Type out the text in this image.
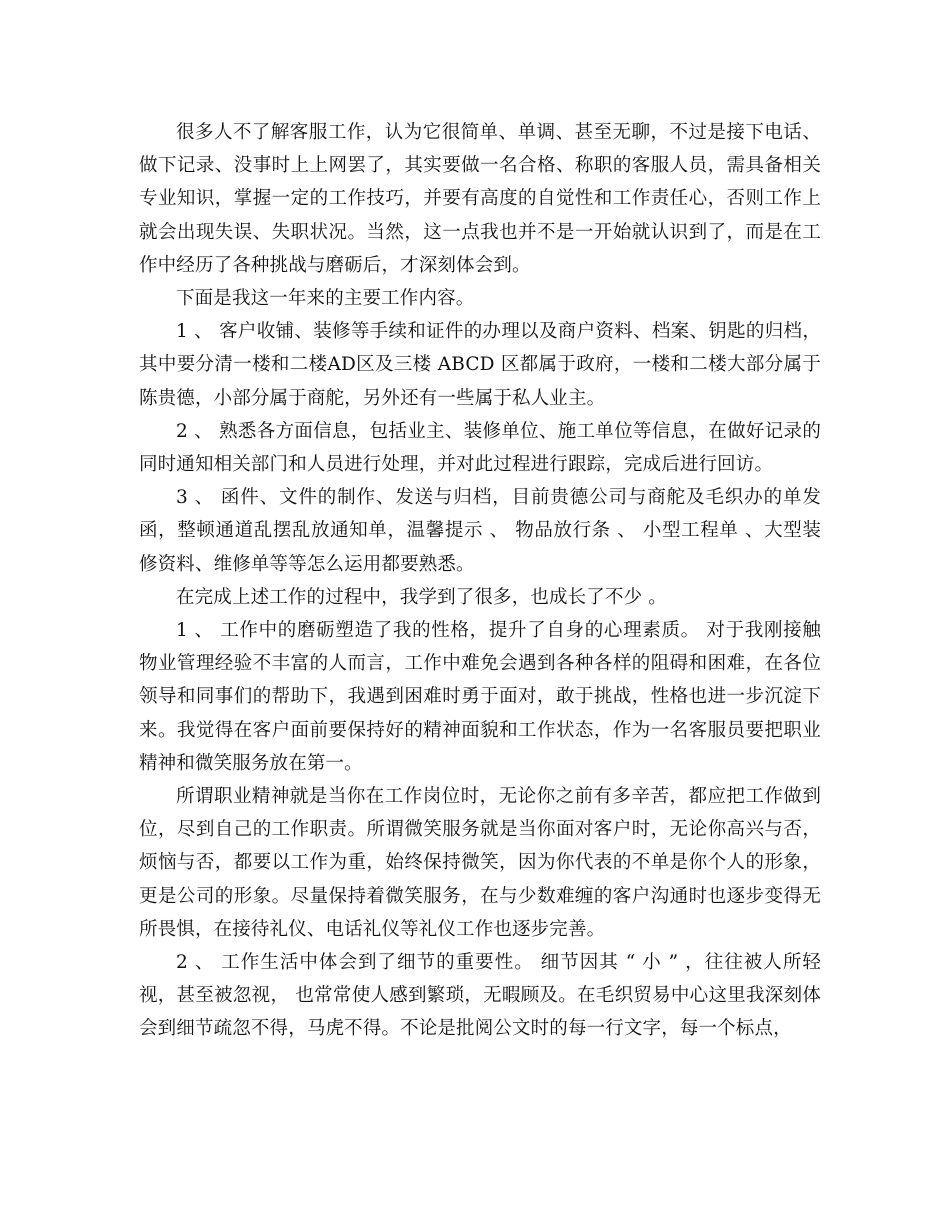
很多人不了解客服工作，认为它很简单、单调、甚至无聊，不过是接下电话、做下记录、没事时上上网罢了，其实要做一名合格、称职的客服人员，需具备相关专业知识，掌握一定的工作技巧，并要有高度的自觉性和工作责任心，否则工作上就会出现失误、失职状况。当然，这一点我也并不是一开始就认识到了，而是在工作中经历了各种挑战与磨砺后，才深刻体会到。

下面是我这一年来的主要工作内容。

1 、 客户收铺、装修等手续和证件的办理以及商户资料、档案、钥匙的归档，其中要分清一楼和二楼AD区及三楼 ABCD 区都属于政府，一楼和二楼大部分属于陈贵德，小部分属于商舵，另外还有一些属于私人业主。

2 、 熟悉各方面信息，包括业主、装修单位、施工单位等信息，在做好记录的同时通知相关部门和人员进行处理，并对此过程进行跟踪，完成后进行回访。

3 、 函件、文件的制作、发送与归档，目前贵德公司与商舵及毛织办的单发函，整顿通道乱摆乱放通知单，温馨提示 、 物品放行条 、 小型工程单 、大型装修资料、维修单等等怎么运用都要熟悉。

在完成上述工作的过程中，我学到了很多，也成长了不少 。

1 、 工作中的磨砺塑造了我的性格，提升了自身的心理素质。 对于我刚接触物业管理经验不丰富的人而言，工作中难免会遇到各种各样的阻碍和困难，在各位领导和同事们的帮助下，我遇到困难时勇于面对，敢于挑战，性格也进一步沉淀下来。我觉得在客户面前要保持好的精神面貌和工作状态，作为一名客服员要把职业精神和微笑服务放在第一。

所谓职业精神就是当你在工作岗位时，无论你之前有多辛苦，都应把工作做到位，尽到自己的工作职责。所谓微笑服务就是当你面对客户时，无论你高兴与否，烦恼与否，都要以工作为重，始终保持微笑，因为你代表的不单是你个人的形象，更是公司的形象。尽量保持着微笑服务，在与少数难缠的客户沟通时也逐步变得无所畏惧，在接待礼仪、电话礼仪等礼仪工作也逐步完善。

2 、 工作生活中体会到了细节的重要性。 细节因其 “ 小 ” ，往往被人所轻视，甚至被忽视， 也常常使人感到繁琐，无暇顾及。在毛织贸易中心这里我深刻体会到细节疏忽不得，马虎不得。不论是批阅公文时的每一行文字，每一个标点，
